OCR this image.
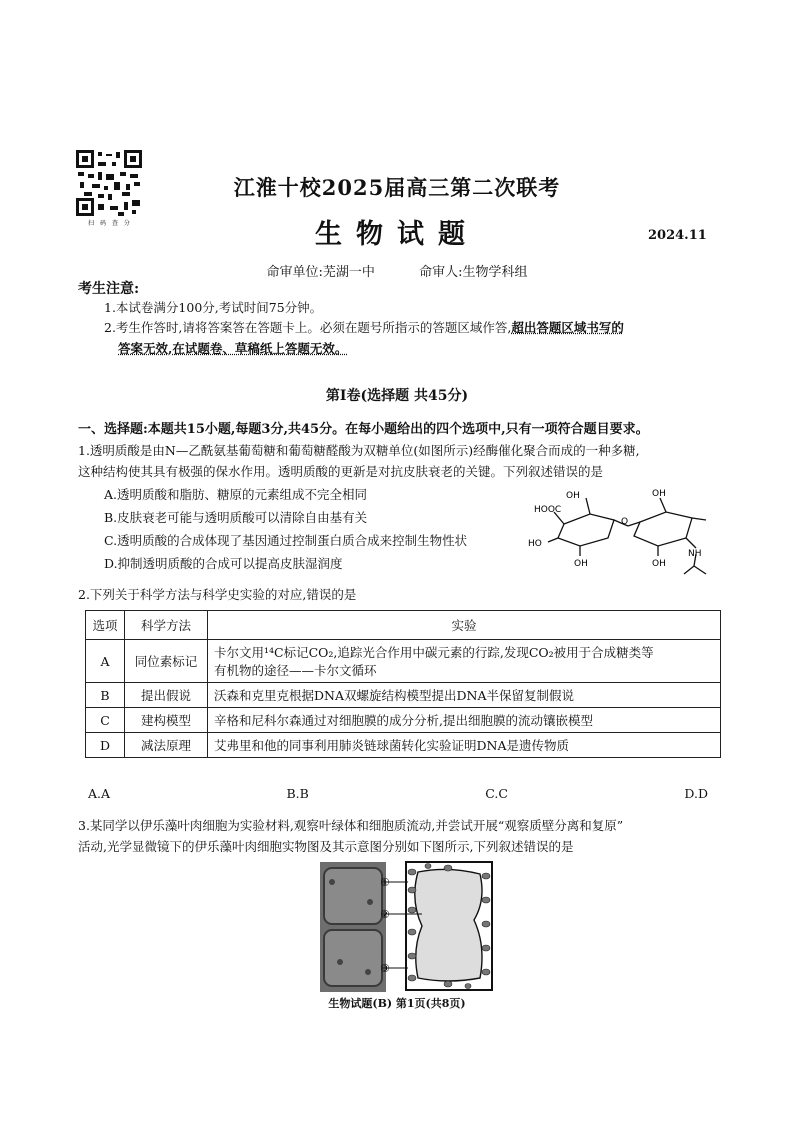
扫 码 查 分
江淮十校2025届高三第二次联考
生物试题	2024.11
命审单位:芜湖一中	命审人:生物学科组
考生注意:
1.本试卷满分100分,考试时间75分钟。
2.考生作答时,请将答案答在答题卡上。必须在题号所指示的答题区域作答,超出答题区域书写的
答案无效,在试题卷、草稿纸上答题无效。
第Ⅰ卷(选择题 共45分)
一、选择题:本题共15小题,每题3分,共45分。在每小题给出的四个选项中,只有一项符合题目要求。
1.透明质酸是由N—乙酰氨基葡萄糖和葡萄糖醛酸为双糖单位(如图所示)经酶催化聚合而成的一种多糖,
这种结构使其具有极强的保水作用。透明质酸的更新是对抗皮肤衰老的关键。下列叙述错误的是
A.透明质酸和脂肪、糖原的元素组成不完全相同
B.皮肤衰老可能与透明质酸可以清除自由基有关
C.透明质酸的合成体现了基因通过控制蛋白质合成来控制生物性状
D.抑制透明质酸的合成可以提高皮肤湿润度
OH
HOOC
HO
OH
O
OH
OH
NH
2.下列关于科学方法与科学史实验的对应,错误的是
选项	科学方法	实验
A	同位素标记	卡尔文用¹⁴C标记CO₂,追踪光合作用中碳元素的行踪,发现CO₂被用于合成糖类等
有机物的途径——卡尔文循环

B	提出假说	沃森和克里克根据DNA双螺旋结构模型提出DNA半保留复制假说
C	建构模型	辛格和尼科尔森通过对细胞膜的成分分析,提出细胞膜的流动镶嵌模型
D	减法原理	艾弗里和他的同事利用肺炎链球菌转化实验证明DNA是遗传物质
A.A	B.B	C.C	D.D
3.某同学以伊乐藻叶肉细胞为实验材料,观察叶绿体和细胞质流动,并尝试开展“观察质壁分离和复原”
活动,光学显微镜下的伊乐藻叶肉细胞实物图及其示意图分别如下图所示,下列叙述错误的是
①
②
③
生物试题(B) 第1页(共8页)
